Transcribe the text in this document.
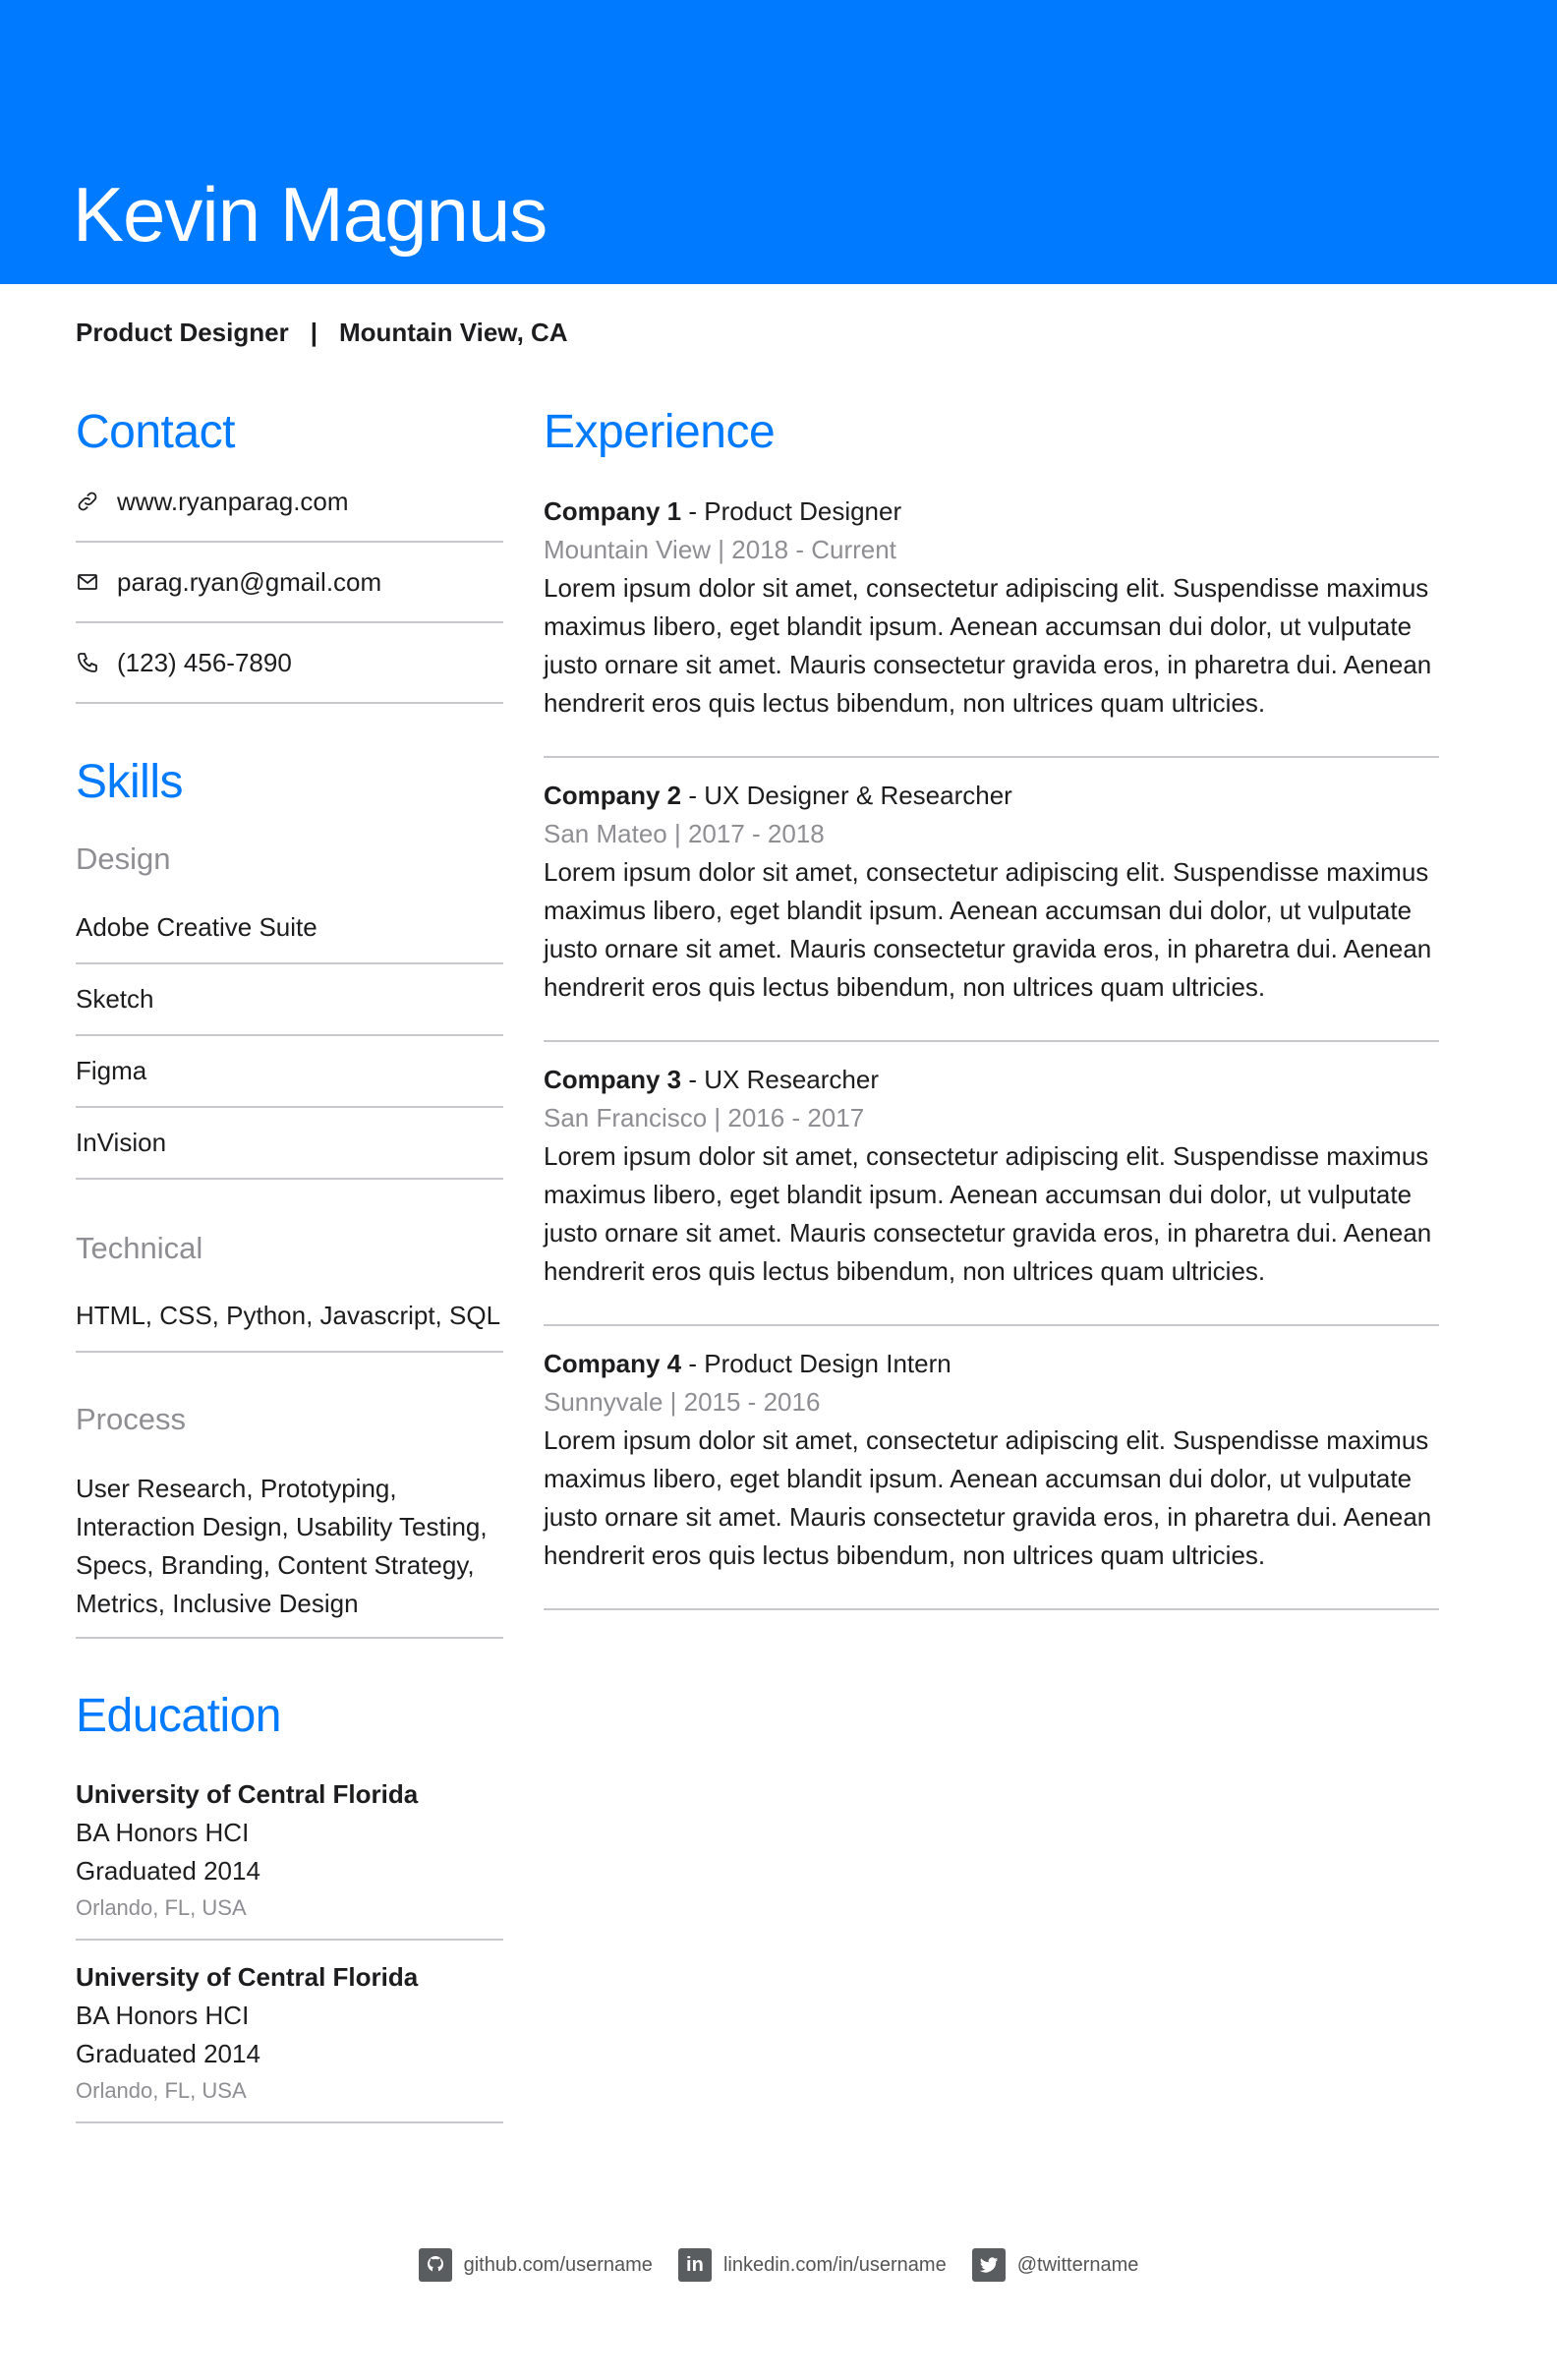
Kevin Magnus
Product Designer | Mountain View, CA
Contact
www.ryanparag.com
parag.ryan@gmail.com
(123) 456-7890
Skills
Design
Adobe Creative Suite
Sketch
Figma
InVision
Technical
HTML, CSS, Python, Javascript, SQL
Process
User Research, Prototyping, Interaction Design, Usability Testing, Specs, Branding, Content Strategy, Metrics, Inclusive Design
Education
University of Central Florida
BA Honors HCI
Graduated 2014
Orlando, FL, USA
University of Central Florida
BA Honors HCI
Graduated 2014
Orlando, FL, USA
Experience
Company 1 - Product Designer
Mountain View | 2018 - Current
Lorem ipsum dolor sit amet, consectetur adipiscing elit. Suspendisse maximus maximus libero, eget blandit ipsum. Aenean accumsan dui dolor, ut vulputate justo ornare sit amet. Mauris consectetur gravida eros, in pharetra dui. Aenean hendrerit eros quis lectus bibendum, non ultrices quam ultricies.
Company 2 - UX Designer & Researcher
San Mateo | 2017 - 2018
Lorem ipsum dolor sit amet, consectetur adipiscing elit. Suspendisse maximus maximus libero, eget blandit ipsum. Aenean accumsan dui dolor, ut vulputate justo ornare sit amet. Mauris consectetur gravida eros, in pharetra dui. Aenean hendrerit eros quis lectus bibendum, non ultrices quam ultricies.
Company 3 - UX Researcher
San Francisco | 2016 - 2017
Lorem ipsum dolor sit amet, consectetur adipiscing elit. Suspendisse maximus maximus libero, eget blandit ipsum. Aenean accumsan dui dolor, ut vulputate justo ornare sit amet. Mauris consectetur gravida eros, in pharetra dui. Aenean hendrerit eros quis lectus bibendum, non ultrices quam ultricies.
Company 4 - Product Design Intern
Sunnyvale | 2015 - 2016
Lorem ipsum dolor sit amet, consectetur adipiscing elit. Suspendisse maximus maximus libero, eget blandit ipsum. Aenean accumsan dui dolor, ut vulputate justo ornare sit amet. Mauris consectetur gravida eros, in pharetra dui. Aenean hendrerit eros quis lectus bibendum, non ultrices quam ultricies.
github.com/username	in	linkedin.com/in/username	@twittername
